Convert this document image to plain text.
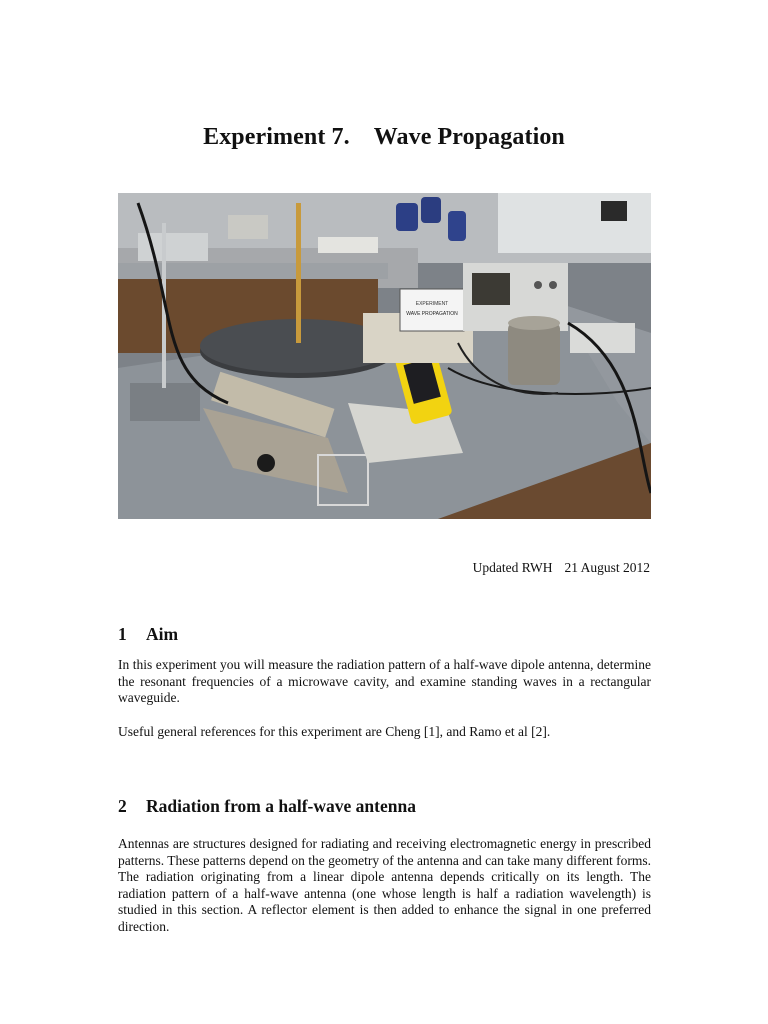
Experiment 7. Wave Propagation
EXPERIMENT
WAVE PROPAGATION
Updated RWH 21 August 2012
1 Aim

In this experiment you will measure the radiation pattern of a half-wave dipole antenna, determine the resonant frequencies of a microwave cavity, and examine standing waves in a rectangular waveguide.

Useful general references for this experiment are Cheng [1], and Ramo et al [2].

2 Radiation from a half-wave antenna

Antennas are structures designed for radiating and receiving electromagnetic energy in prescribed patterns. These patterns depend on the geometry of the antenna and can take many different forms. The radiation originating from a linear dipole antenna depends critically on its length. The radiation pattern of a half-wave antenna (one whose length is half a radiation wavelength) is studied in this section. A reflector element is then added to enhance the signal in one preferred direction.
